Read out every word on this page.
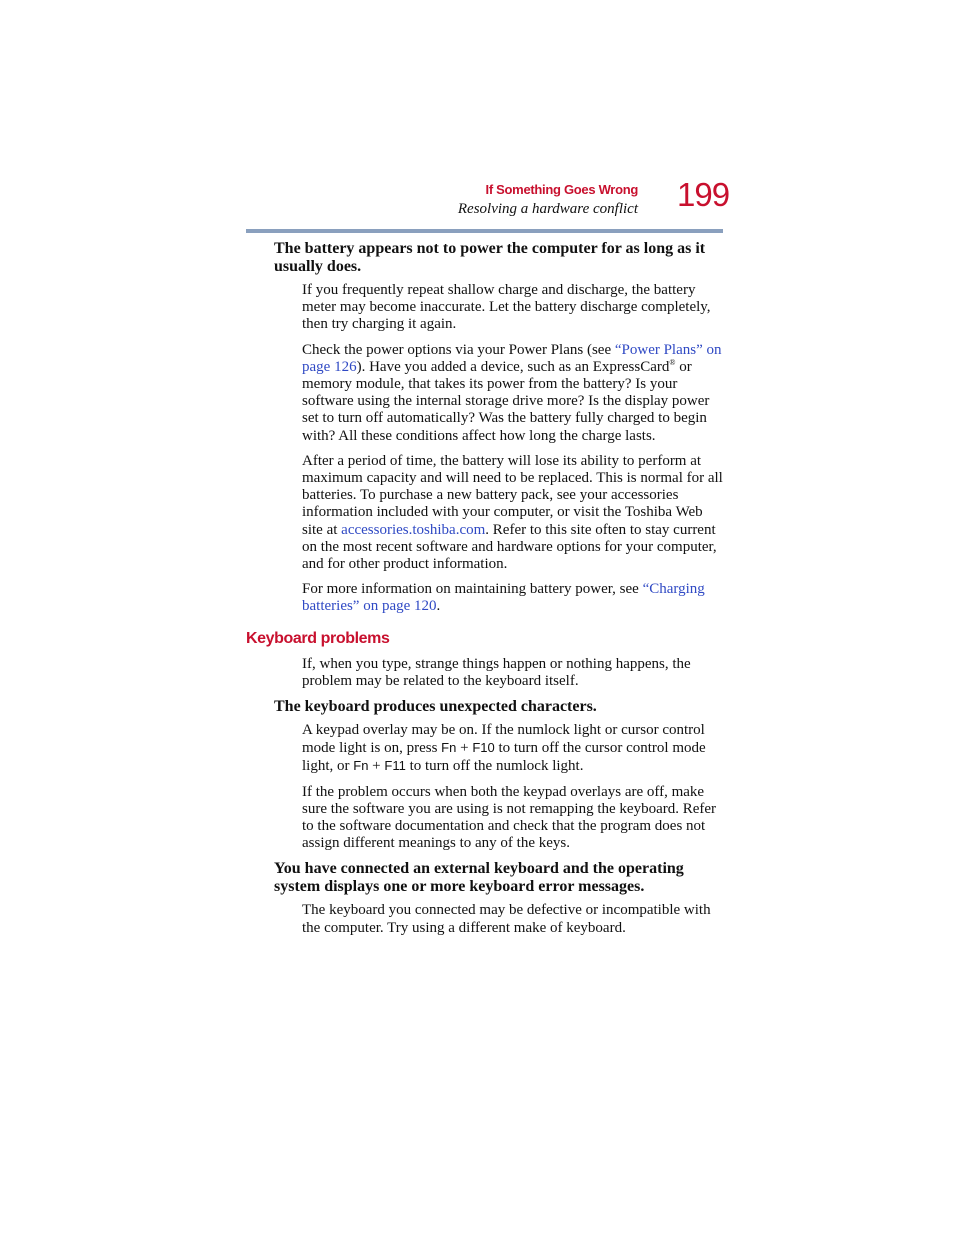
If Something Goes Wrong
Resolving a hardware conflict 199

The battery appears not to power the computer for as long as it usually does.

If you frequently repeat shallow charge and discharge, the battery meter may become inaccurate. Let the battery discharge completely, then try charging it again.

Check the power options via your Power Plans (see “Power Plans” on page 126). Have you added a device, such as an ExpressCard® or memory module, that takes its power from the battery? Is your software using the internal storage drive more? Is the display power set to turn off automatically? Was the battery fully charged to begin with? All these conditions affect how long the charge lasts.

After a period of time, the battery will lose its ability to perform at maximum capacity and will need to be replaced. This is normal for all batteries. To purchase a new battery pack, see your accessories information included with your computer, or visit the Toshiba Web site at accessories.toshiba.com. Refer to this site often to stay current on the most recent software and hardware options for your computer, and for other product information.

For more information on maintaining battery power, see “Charging batteries” on page 120.

Keyboard problems

If, when you type, strange things happen or nothing happens, the problem may be related to the keyboard itself.

The keyboard produces unexpected characters.

A keypad overlay may be on. If the numlock light or cursor control mode light is on, press Fn + F10 to turn off the cursor control mode light, or Fn + F11 to turn off the numlock light.

If the problem occurs when both the keypad overlays are off, make sure the software you are using is not remapping the keyboard. Refer to the software documentation and check that the program does not assign different meanings to any of the keys.

You have connected an external keyboard and the operating system displays one or more keyboard error messages.

The keyboard you connected may be defective or incompatible with the computer. Try using a different make of keyboard.
